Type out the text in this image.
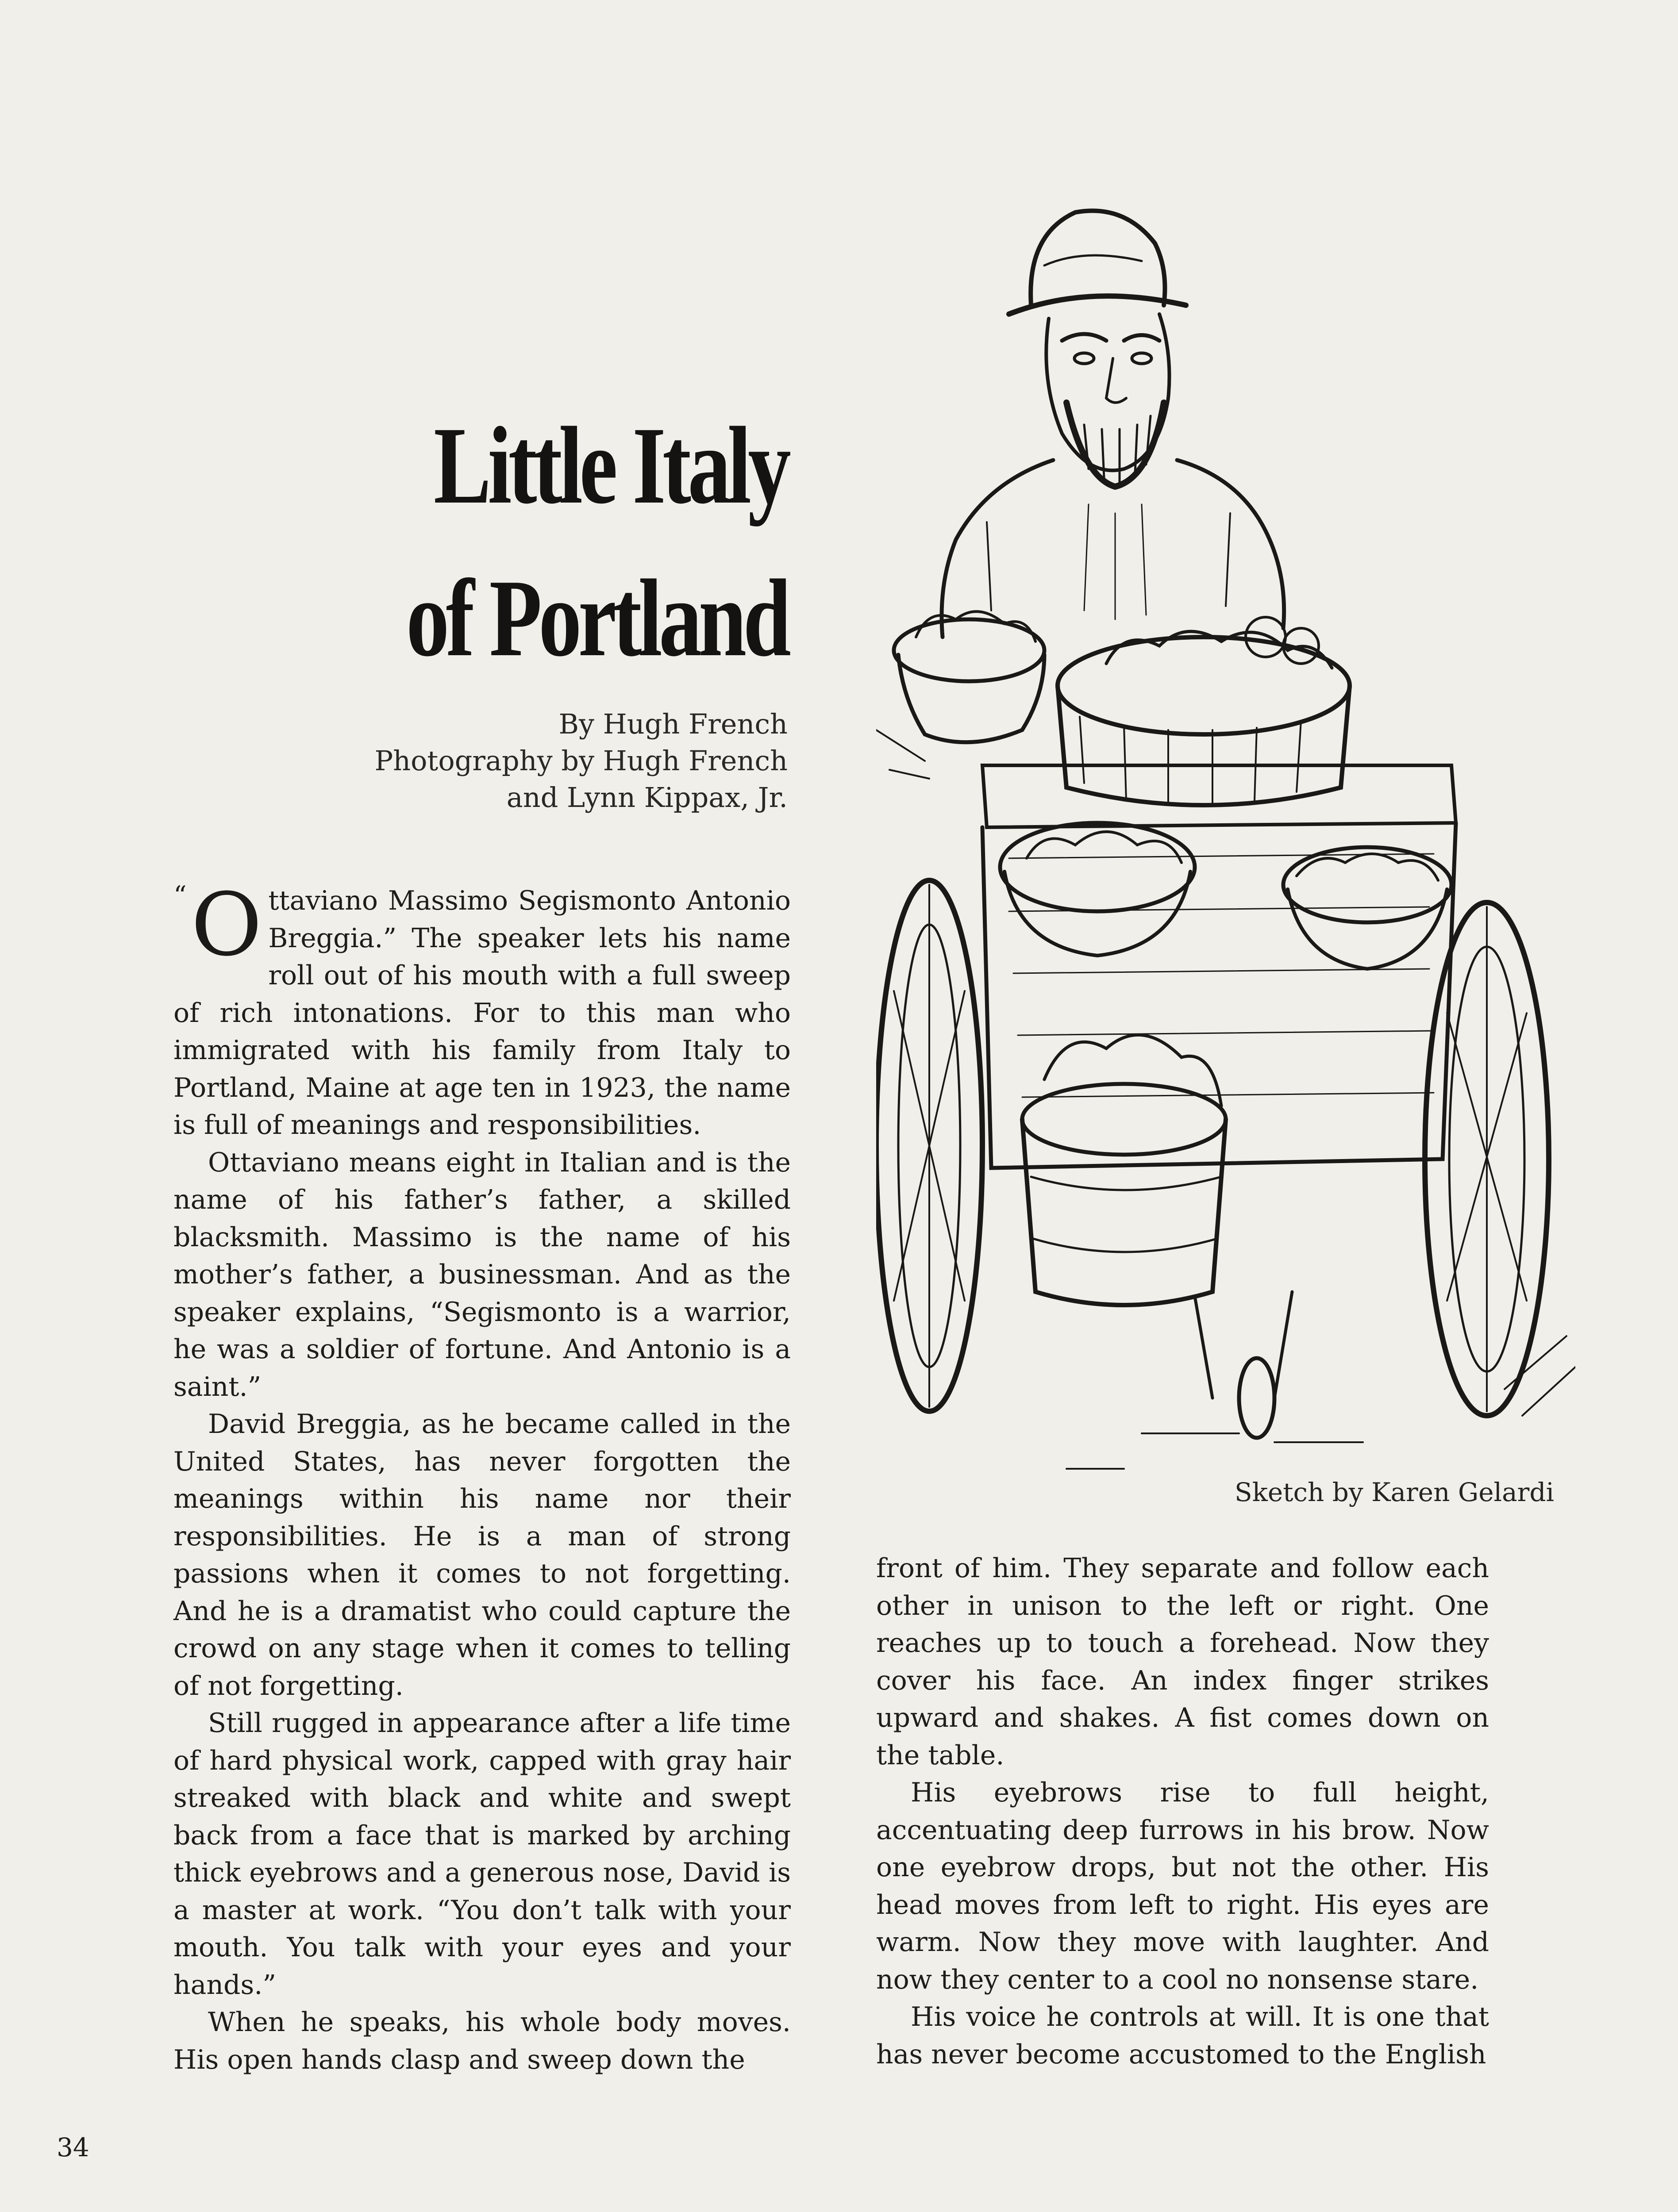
Little Italy
of Portland
By Hugh French
Photography by Hugh French
and Lynn Kippax, Jr.

“ O ttaviano Massimo Segismonto Antonio Breggia.” The speaker lets his name roll out of his mouth with a full sweep of rich intonations. For to this man who immigrated with his family from Italy to Portland, Maine at age ten in 1923, the name is full of meanings and responsibilities.

Ottaviano means eight in Italian and is the name of his father’s father, a skilled blacksmith. Massimo is the name of his mother’s father, a businessman. And as the speaker explains, “Segismonto is a warrior, he was a soldier of fortune. And Antonio is a saint.”

David Breggia, as he became called in the United States, has never forgotten the meanings within his name nor their responsibilities. He is a man of strong passions when it comes to not forgetting. And he is a dramatist who could capture the crowd on any stage when it comes to telling of not forgetting.

Still rugged in appearance after a life time of hard physical work, capped with gray hair streaked with black and white and swept back from a face that is marked by arching thick eyebrows and a generous nose, David is a master at work. “You don’t talk with your mouth. You talk with your eyes and your hands.”

When he speaks, his whole body moves. His open hands clasp and sweep down the

Sketch by Karen Gelardi

front of him. They separate and follow each other in unison to the left or right. One reaches up to touch a forehead. Now they cover his face. An index finger strikes upward and shakes. A fist comes down on the table.

His eyebrows rise to full height, accentuating deep furrows in his brow. Now one eyebrow drops, but not the other. His head moves from left to right. His eyes are warm. Now they move with laughter. And now they center to a cool no nonsense stare.

His voice he controls at will. It is one that has never become accustomed to the English

34
